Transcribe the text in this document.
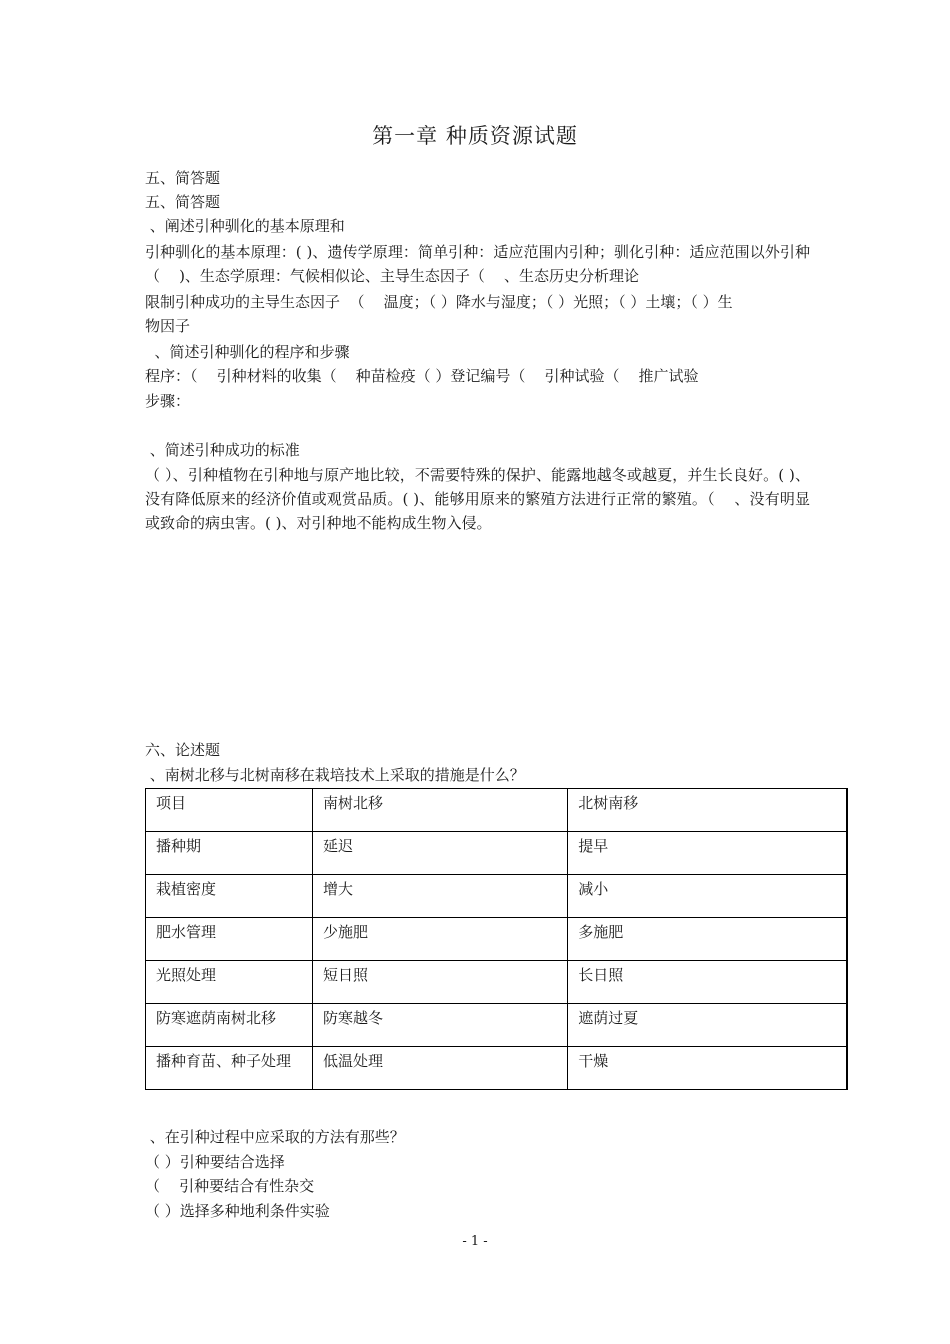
第一章 种质资源试题
五、简答题
五、简答题
、阐述引种驯化的基本原理和
引种驯化的基本原理：( )、遗传学原理：简单引种：适应范围内引种；驯化引种：适应范围以外引种（    )、生态学原理：气候相似论、主导生态因子（    、生态历史分析理论
限制引种成功的主导生态因子  （    温度；（ ）降水与湿度；（ ）光照；（ ）土壤；（ ）生
物因子
、简述引种驯化的程序和步骤
程序：（    引种材料的收集（    种苗检疫（ ）登记编号（    引种试验（    推广试验
步骤：
、简述引种成功的标准
（ ）、引种植物在引种地与原产地比较，不需要特殊的保护、能露地越冬或越夏，并生长良好。( )、没有降低原来的经济价值或观赏品质。( )、能够用原来的繁殖方法进行正常的繁殖。（    、没有明显或致命的病虫害。( )、对引种地不能构成生物入侵。
六、论述题
、南树北移与北树南移在栽培技术上采取的措施是什么？
项目	南树北移	北树南移
播种期	延迟	提早
栽植密度	增大	减小
肥水管理	少施肥	多施肥
光照处理	短日照	长日照
防寒遮荫南树北移	防寒越冬	遮荫过夏
播种育苗、种子处理	低温处理	干燥
、在引种过程中应采取的方法有那些？
（ ）引种要结合选择
（    引种要结合有性杂交
（ ）选择多种地利条件实验
- 1 -
